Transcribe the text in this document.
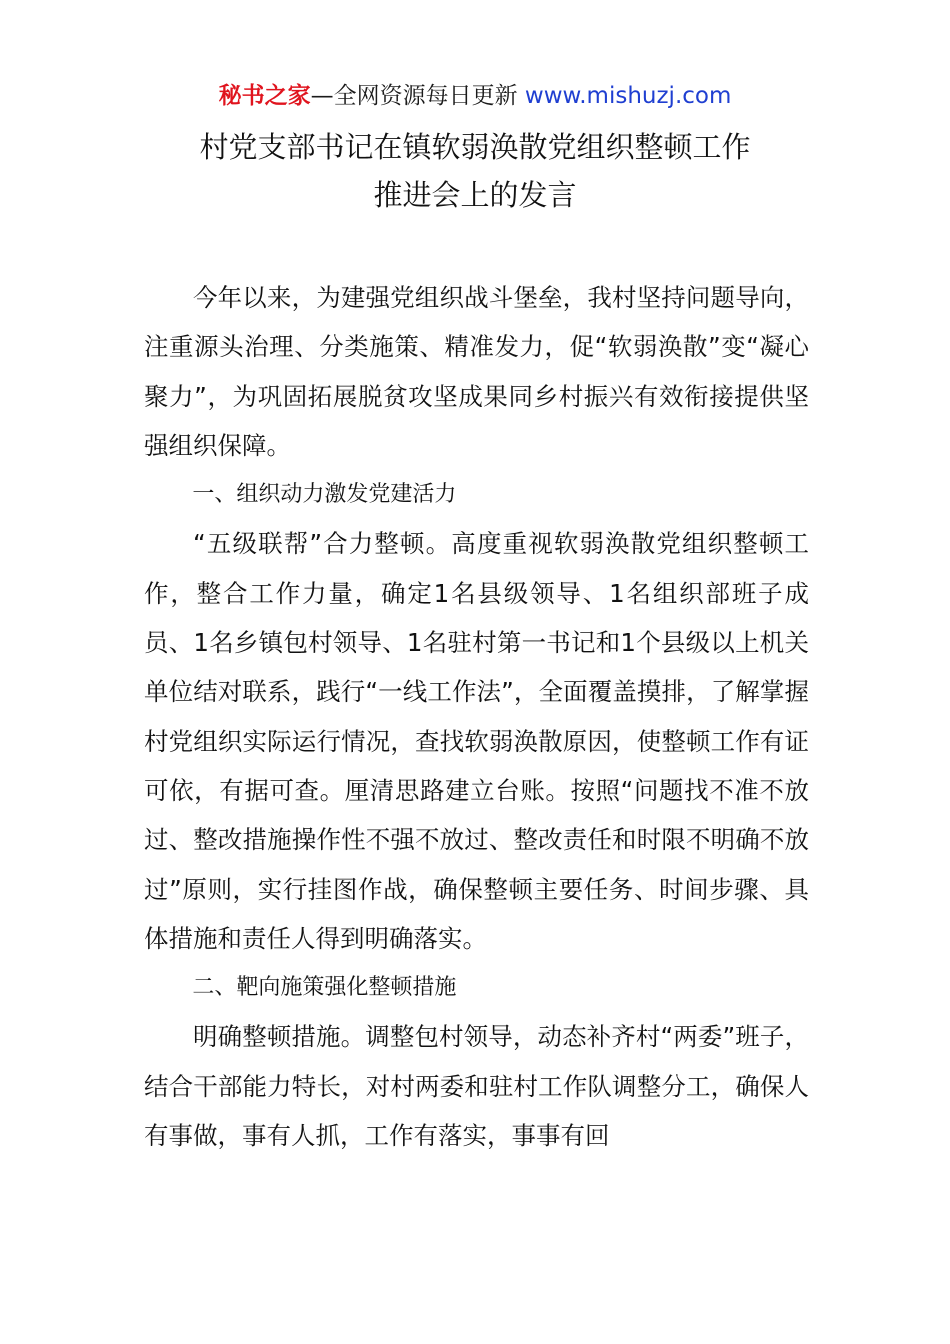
秘书之家—全网资源每日更新 www.mishuzj.com
村党支部书记在镇软弱涣散党组织整顿工作
推进会上的发言

今年以来，为建强党组织战斗堡垒，我村坚持问题导向，注重源头治理、分类施策、精准发力，促“软弱涣散”变“凝心聚力”，为巩固拓展脱贫攻坚成果同乡村振兴有效衔接提供坚强组织保障。

一、组织动力激发党建活力

“五级联帮”合力整顿。高度重视软弱涣散党组织整顿工作，整合工作力量，确定1名县级领导、1名组织部班子成员、1名乡镇包村领导、1名驻村第一书记和1个县级以上机关单位结对联系，践行“一线工作法”，全面覆盖摸排，了解掌握村党组织实际运行情况，查找软弱涣散原因，使整顿工作有证可依，有据可查。厘清思路建立台账。按照“问题找不准不放过、整改措施操作性不强不放过、整改责任和时限不明确不放过”原则，实行挂图作战，确保整顿主要任务、时间步骤、具体措施和责任人得到明确落实。

二、靶向施策强化整顿措施

明确整顿措施。调整包村领导，动态补齐村“两委”班子，结合干部能力特长，对村两委和驻村工作队调整分工，确保人有事做，事有人抓，工作有落实，事事有回
